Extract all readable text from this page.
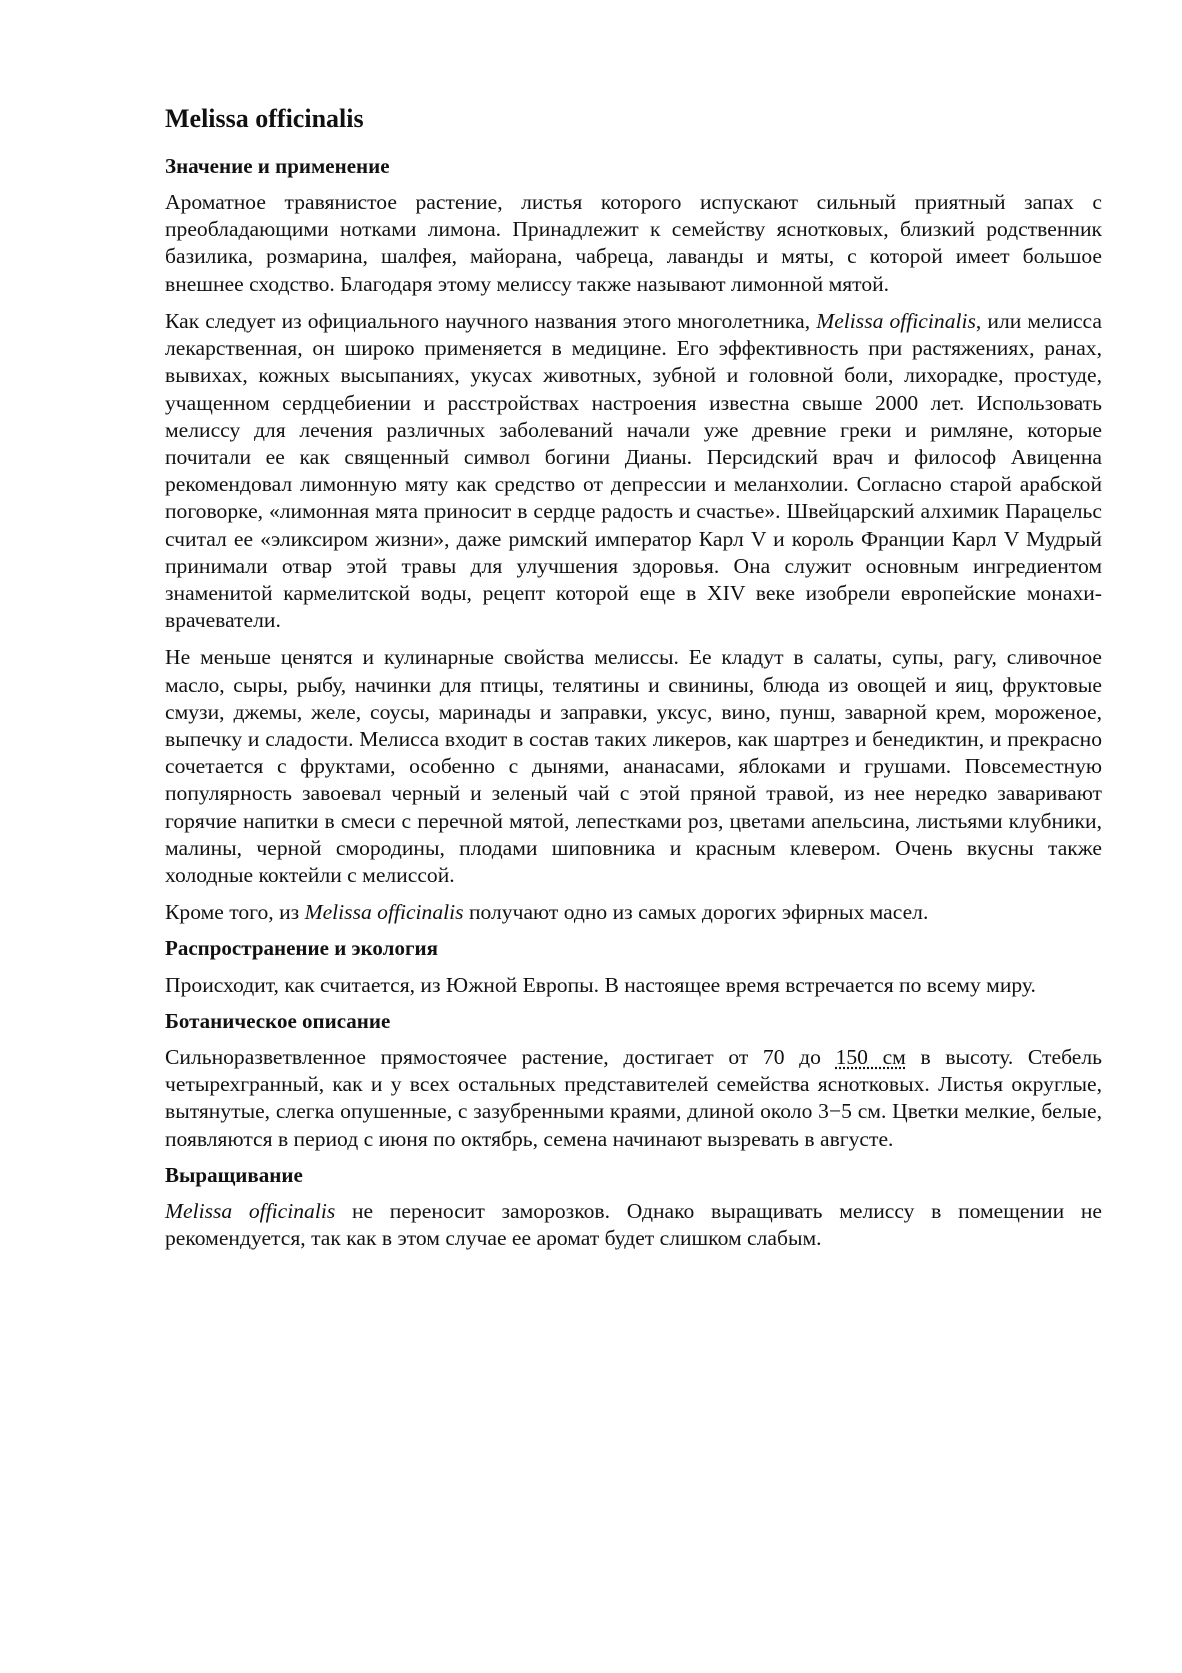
Melissa officinalis
Значение и применение

Ароматное травянистое растение, листья которого испускают сильный приятный запах с преобладающими нотками лимона. Принадлежит к семейству яснотковых, близкий родственник базилика, розмарина, шалфея, майорана, чабреца, лаванды и мяты, с которой имеет большое внешнее сходство. Благодаря этому мелиссу также называют лимонной мятой.

Как следует из официального научного названия этого многолетника, Melissa officinalis, или мелисса лекарственная, он широко применяется в медицине. Его эффективность при растяжениях, ранах, вывихах, кожных высыпаниях, укусах животных, зубной и головной боли, лихорадке, простуде, учащенном сердцебиении и расстройствах настроения известна свыше 2000 лет. Использовать мелиссу для лечения различных заболеваний начали уже древние греки и римляне, которые почитали ее как священный символ богини Дианы. Персидский врач и философ Авиценна рекомендовал лимонную мяту как средство от депрессии и меланхолии. Согласно старой арабской поговорке, «лимонная мята приносит в сердце радость и счастье». Швейцарский алхимик Парацельс считал ее «эликсиром жизни», даже римский император Карл V и король Франции Карл V Мудрый принимали отвар этой травы для улучшения здоровья. Она служит основным ингредиентом знаменитой кармелитской воды, рецепт которой еще в XIV веке изобрели европейские монахи-врачеватели.

Не меньше ценятся и кулинарные свойства мелиссы. Ее кладут в салаты, супы, рагу, сливочное масло, сыры, рыбу, начинки для птицы, телятины и свинины, блюда из овощей и яиц, фруктовые смузи, джемы, желе, соусы, маринады и заправки, уксус, вино, пунш, заварной крем, мороженое, выпечку и сладости. Мелисса входит в состав таких ликеров, как шартрез и бенедиктин, и прекрасно сочетается с фруктами, особенно с дынями, ананасами, яблоками и грушами. Повсеместную популярность завоевал черный и зеленый чай с этой пряной травой, из нее нередко заваривают горячие напитки в смеси с перечной мятой, лепестками роз, цветами апельсина, листьями клубники, малины, черной смородины, плодами шиповника и красным клевером. Очень вкусны также холодные коктейли с мелиссой.

Кроме того, из Melissa officinalis получают одно из самых дорогих эфирных масел.

Распространение и экология

Происходит, как считается, из Южной Европы. В настоящее время встречается по всему миру.

Ботаническое описание

Сильноразветвленное прямостоячее растение, достигает от 70 до 150 см в высоту. Стебель четырехгранный, как и у всех остальных представителей семейства яснотковых. Листья округлые, вытянутые, слегка опушенные, с зазубренными краями, длиной около 3−5 см. Цветки мелкие, белые, появляются в период с июня по октябрь, семена начинают вызревать в августе.

Выращивание

Melissa officinalis не переносит заморозков. Однако выращивать мелиссу в помещении не рекомендуется, так как в этом случае ее аромат будет слишком слабым.
